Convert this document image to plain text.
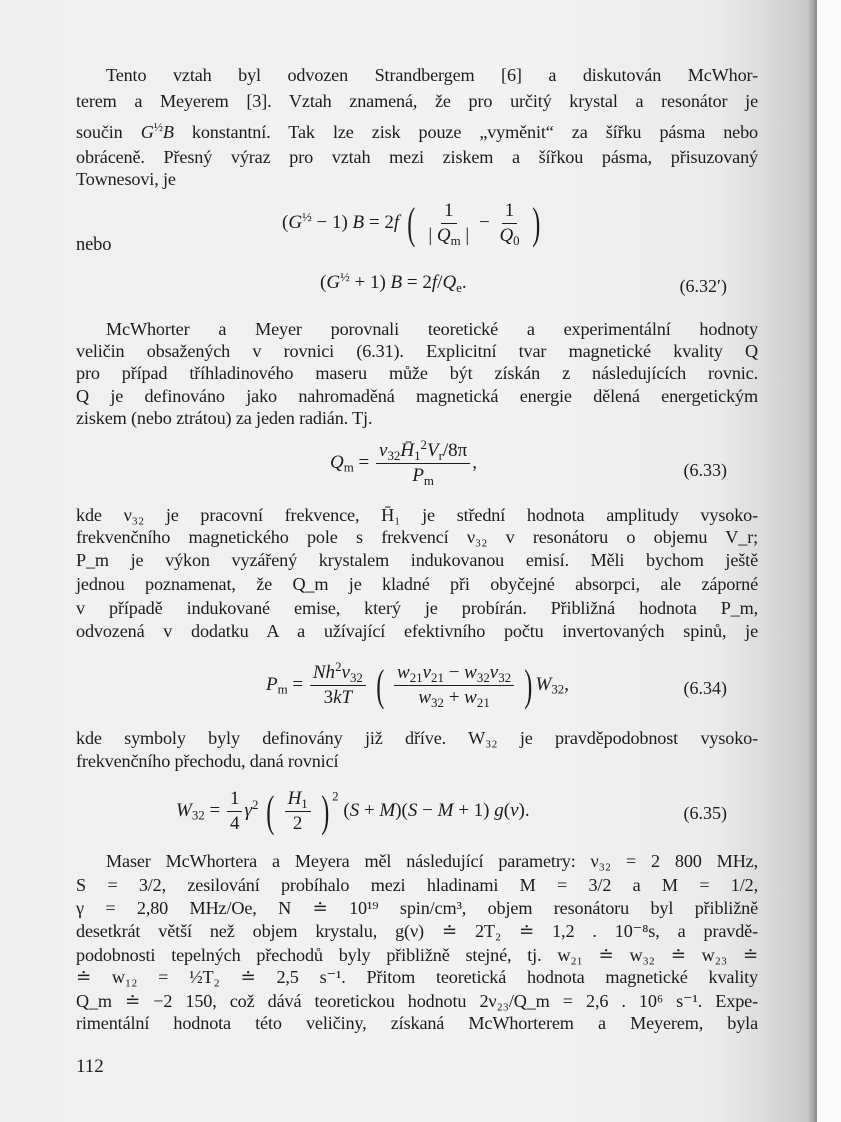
Tento vztah byl odvozen Strandbergem [6] a diskutován McWhor-
terem a Meyerem [3]. Vztah znamená, že pro určitý krystal a resonátor je
součin $G^{\frac{1}{2}}B$ konstantní. Tak lze zisk pouze „vyměnit“ za šířku pásma nebo
obráceně. Přesný výraz pro vztah mezi ziskem a šířkou pásma, přisuzovaný
Townesovi, je
$(G^{\frac{1}{2}} - 1) B = 2f$ ( $\frac{1}{| Q_m |} - \frac{1}{Q_0}$ )
nebo
$(G^{\frac{1}{2}} + 1) B = 2f/Q_e$.	(6.32′)
McWhorter a Meyer porovnali teoretické a experimentální hodnoty
veličin obsažených v rovnici (6.31). Explicitní tvar magnetické kvality Q
pro případ tříhladinového maseru může být získán z následujících rovnic.
Q je definováno jako nahromaděná magnetická energie dělená energetickým
ziskem (nebo ztrátou) za jeden radián. Tj.
$Q_m = \frac{\nu_{32}H̄_1^2V_r/8\pi}{P_m}$ ,	(6.33)
kde ν₃₂ je pracovní frekvence, H̄₁ je střední hodnota amplitudy vysoko-
frekvenčního magnetického pole s frekvencí ν₃₂ v resonátoru o objemu V_r;
P_m je výkon vyzářený krystalem indukovanou emisí. Měli bychom ještě
jednou poznamenat, že Q_m je kladné při obyčejné absorpci, ale záporné
v případě indukované emise, který je probírán. Přibližná hodnota P_m,
odvozená v dodatku A a užívající efektivního počtu invertovaných spinů, je
$P_m = \frac{Nh^2\nu_{32}}{3kT}$ ( $\frac{w_{21}\nu_{21} - w_{32}\nu_{32}}{w_{32} + w_{21}}$ ) $W_{32}$,	(6.34)
kde symboly byly definovány již dříve. W₃₂ je pravděpodobnost vysoko-
frekvenčního přechodu, daná rovnicí
$W_{32} = \frac{1}{4} \gamma^2$ ( $\frac{H_1}{2}$ ) $^2$ (S + M)(S − M + 1) g(ν).	(6.35)
Maser McWhortera a Meyera měl následující parametry: ν₃₂ = 2 800 MHz,
S = 3/2, zesilování probíhalo mezi hladinami M = 3/2 a M = 1/2,
γ = 2,80 MHz/Oe, N ≐ 10¹⁹ spin/cm³, objem resonátoru byl přibližně
desetkrát větší než objem krystalu, g(ν) ≐ 2T₂ ≐ 1,2 . 10⁻⁸s, a pravdě-
podobnosti tepelných přechodů byly přibližně stejné, tj. w₂₁ ≐ w₃₂ ≐ w₂₃ ≐
≐ w₁₂ = ½T₂ ≐ 2,5 s⁻¹. Přitom teoretická hodnota magnetické kvality
Q_m ≐ −2 150, což dává teoretickou hodnotu 2ν₂₃/Q_m = 2,6 . 10⁶ s⁻¹. Expe-
rimentální hodnota této veličiny, získaná McWhorterem a Meyerem, byla
112
